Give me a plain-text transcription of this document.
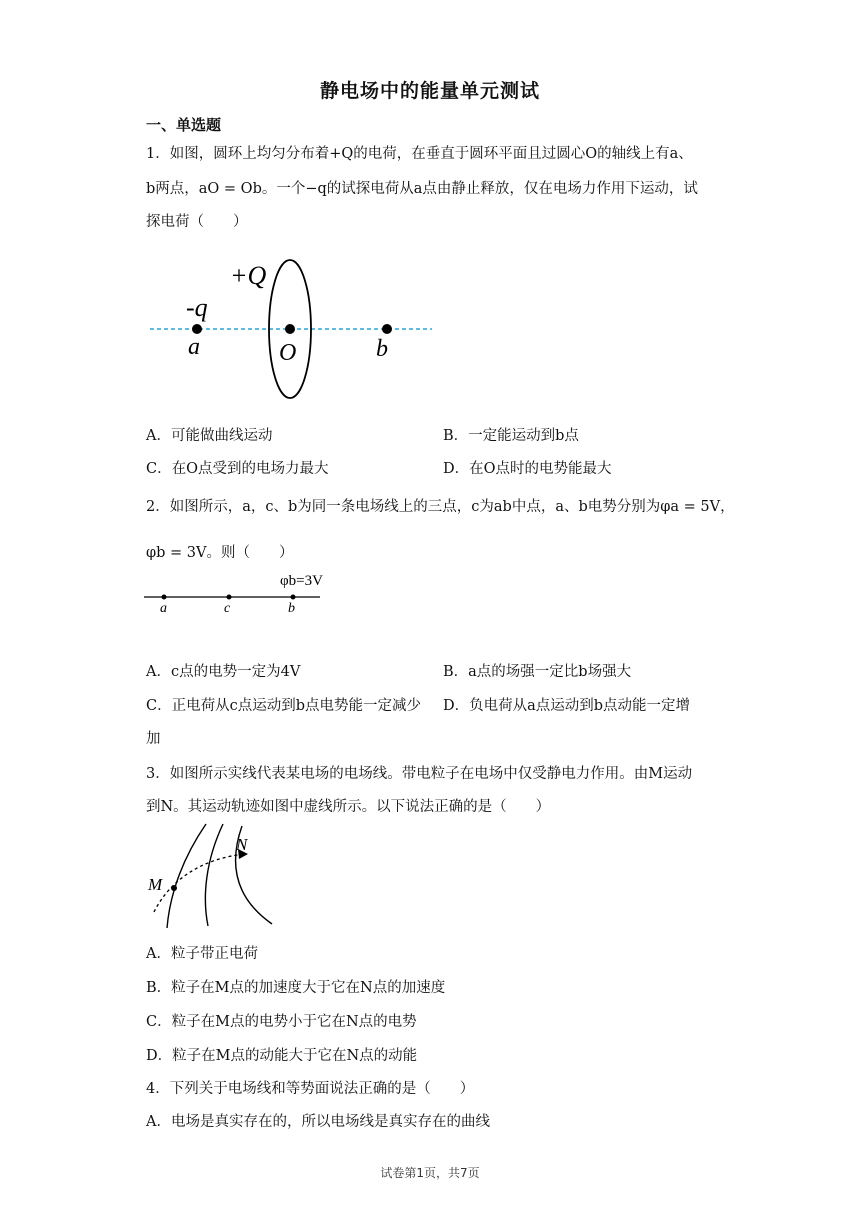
静电场中的能量单元测试
一、单选题
1．如图，圆环上均匀分布着+Q的电荷，在垂直于圆环平面且过圆心O的轴线上有a、
b两点，aO = Ob。一个−q的试探电荷从a点由静止释放，仅在电场力作用下运动，试
探电荷（　　）
+Q
-q
a	O	b
A．可能做曲线运动	B．一定能运动到b点
C．在O点受到的电场力最大	D．在O点时的电势能最大
2．如图所示，a，c、b为同一条电场线上的三点，c为ab中点，a、b电势分别为φa = 5V，
φb = 3V。则（　　）
φb=3V
a	c	b
A．c点的电势一定为4V	B．a点的场强一定比b场强大
C．正电荷从c点运动到b点电势能一定减少 D．负电荷从a点运动到b点动能一定增
加
3．如图所示实线代表某电场的电场线。带电粒子在电场中仅受静电力作用。由M运动
到N。其运动轨迹如图中虚线所示。以下说法正确的是（　　）
M
N
A．粒子带正电荷
B．粒子在M点的加速度大于它在N点的加速度
C．粒子在M点的电势小于它在N点的电势
D．粒子在M点的动能大于它在N点的动能
4．下列关于电场线和等势面说法正确的是（　　）
A．电场是真实存在的，所以电场线是真实存在的曲线
试卷第1页，共7页
